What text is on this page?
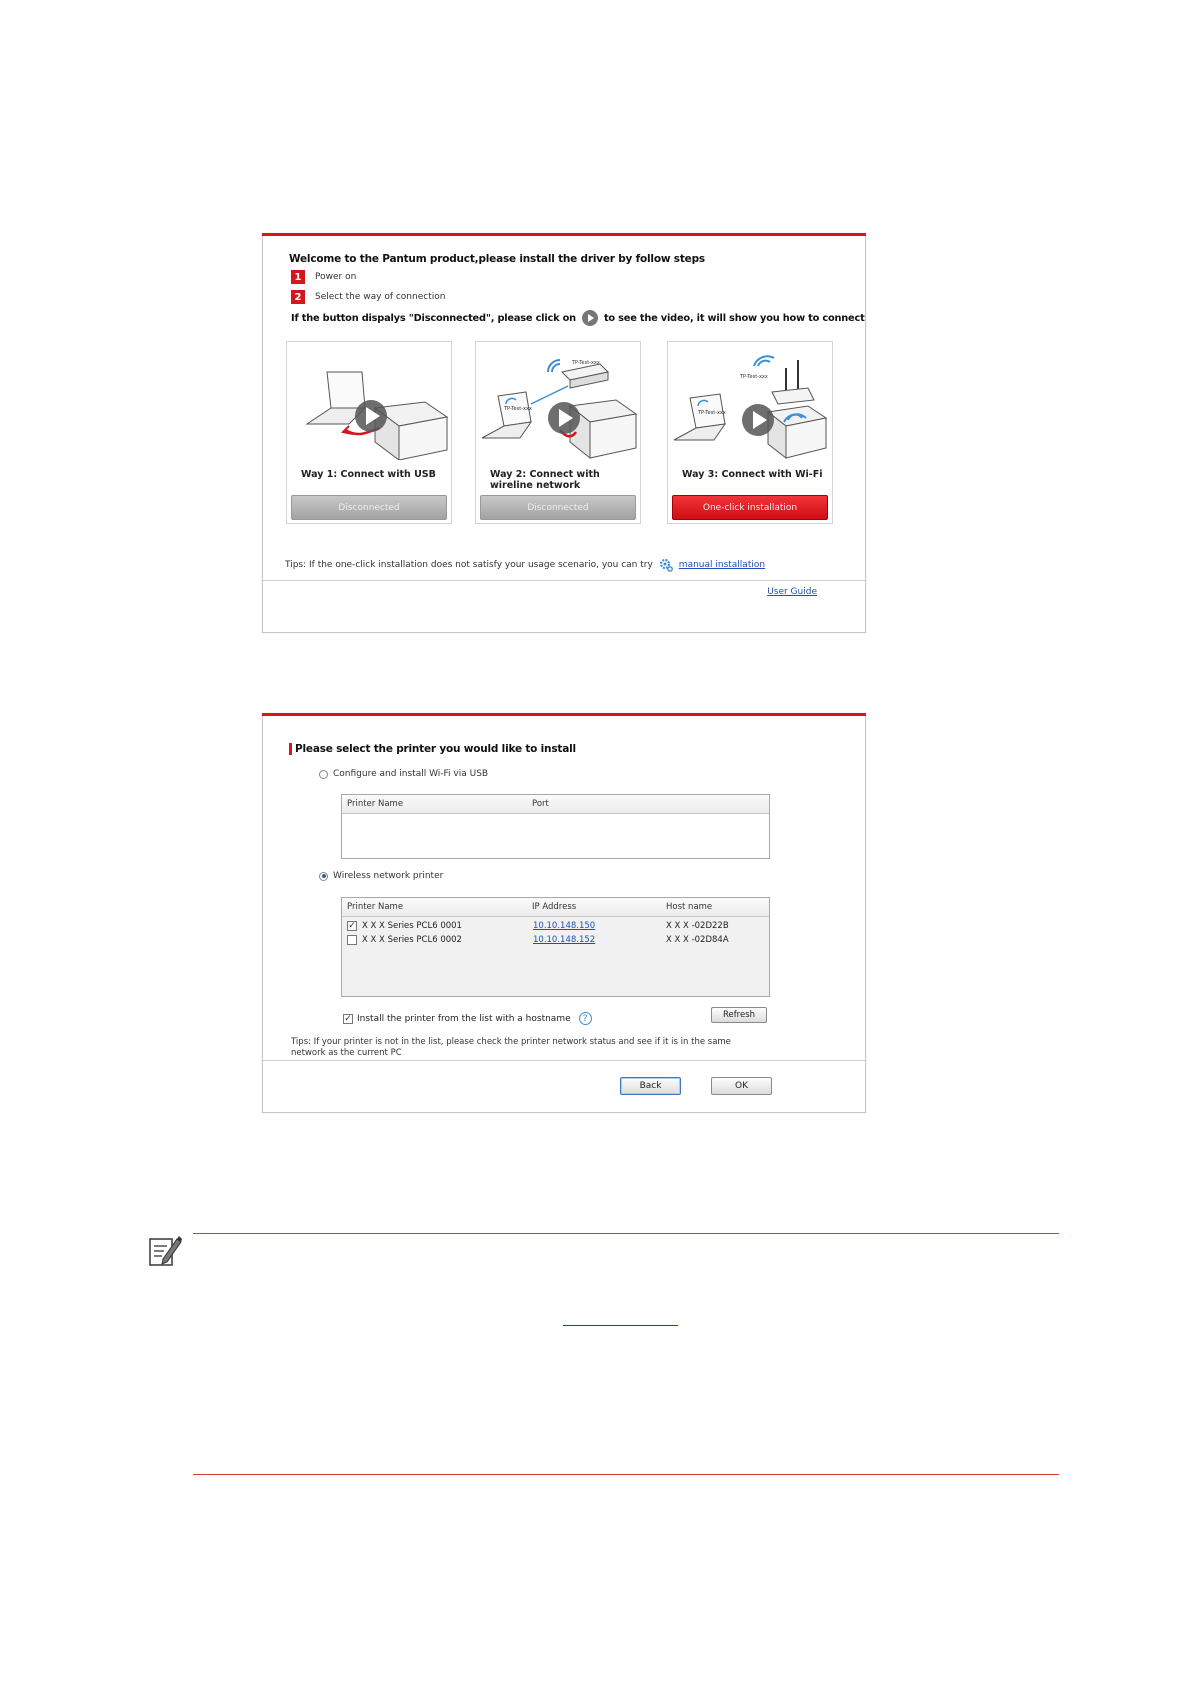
Welcome to the Pantum product,please install the driver by follow steps
1	Power on
2	Select the way of connection
If the button dispalys "Disconnected", please click on	to see the video, it will show you how to connect
Way 1: Connect with USB
Disconnected
TP-Test-xxx
TP-Test-xxx
Way 2: Connect with wireline network
Disconnected
TP-Test-xxx
TP-Test-xxx
Way 3: Connect with Wi-Fi
One-click installation
Tips: If the one-click installation does not satisfy your usage scenario, you can try	manual installation
User Guide
Please select the printer you would like to install
Configure and install Wi-Fi via USB
Printer Name	Port
Wireless network printer
Printer Name	IP Address	Host name
✓ X X X Series PCL6 0001	10.10.148.150	X X X -02D22B
X X X Series PCL6 0002	10.10.148.152	X X X -02D84A
✓ Install the printer from the list with a hostname	?	Refresh
Tips: If your printer is not in the list, please check the printer network status and see if it is in the same network as the current PC
Back	OK
